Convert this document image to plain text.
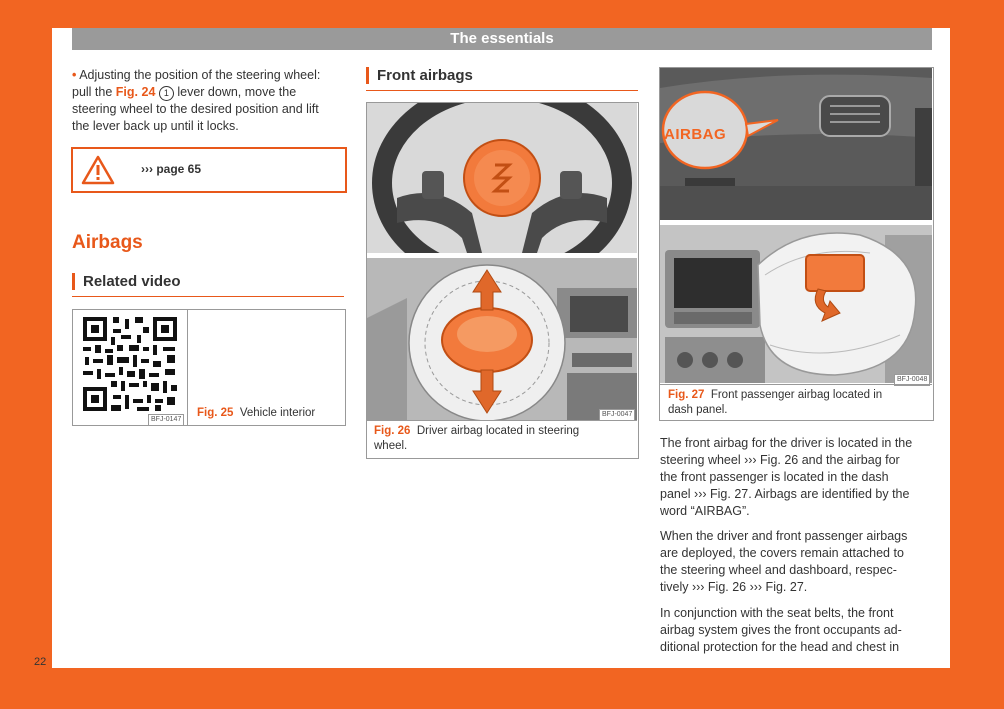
The essentials
• Adjusting the position of the steering wheel:
pull the Fig. 24 1 lever down, move the
steering wheel to the desired position and lift
the lever back up until it locks.
››› page 65
Airbags
Related video
BFJ-0147
Fig. 25 Vehicle interior
Front airbags
BFJ-0047
Fig. 26 Driver airbag located in steering
wheel.
AIRBAG
BFJ-0048
Fig. 27 Front passenger airbag located in
dash panel.
The front airbag for the driver is located in the
steering wheel ››› Fig. 26 and the airbag for
the front passenger is located in the dash
panel ››› Fig. 27. Airbags are identified by the
word “AIRBAG”.
When the driver and front passenger airbags
are deployed, the covers remain attached to
the steering wheel and dashboard, respec-
tively ››› Fig. 26 ››› Fig. 27.
In conjunction with the seat belts, the front
airbag system gives the front occupants ad-
ditional protection for the head and chest in
22
